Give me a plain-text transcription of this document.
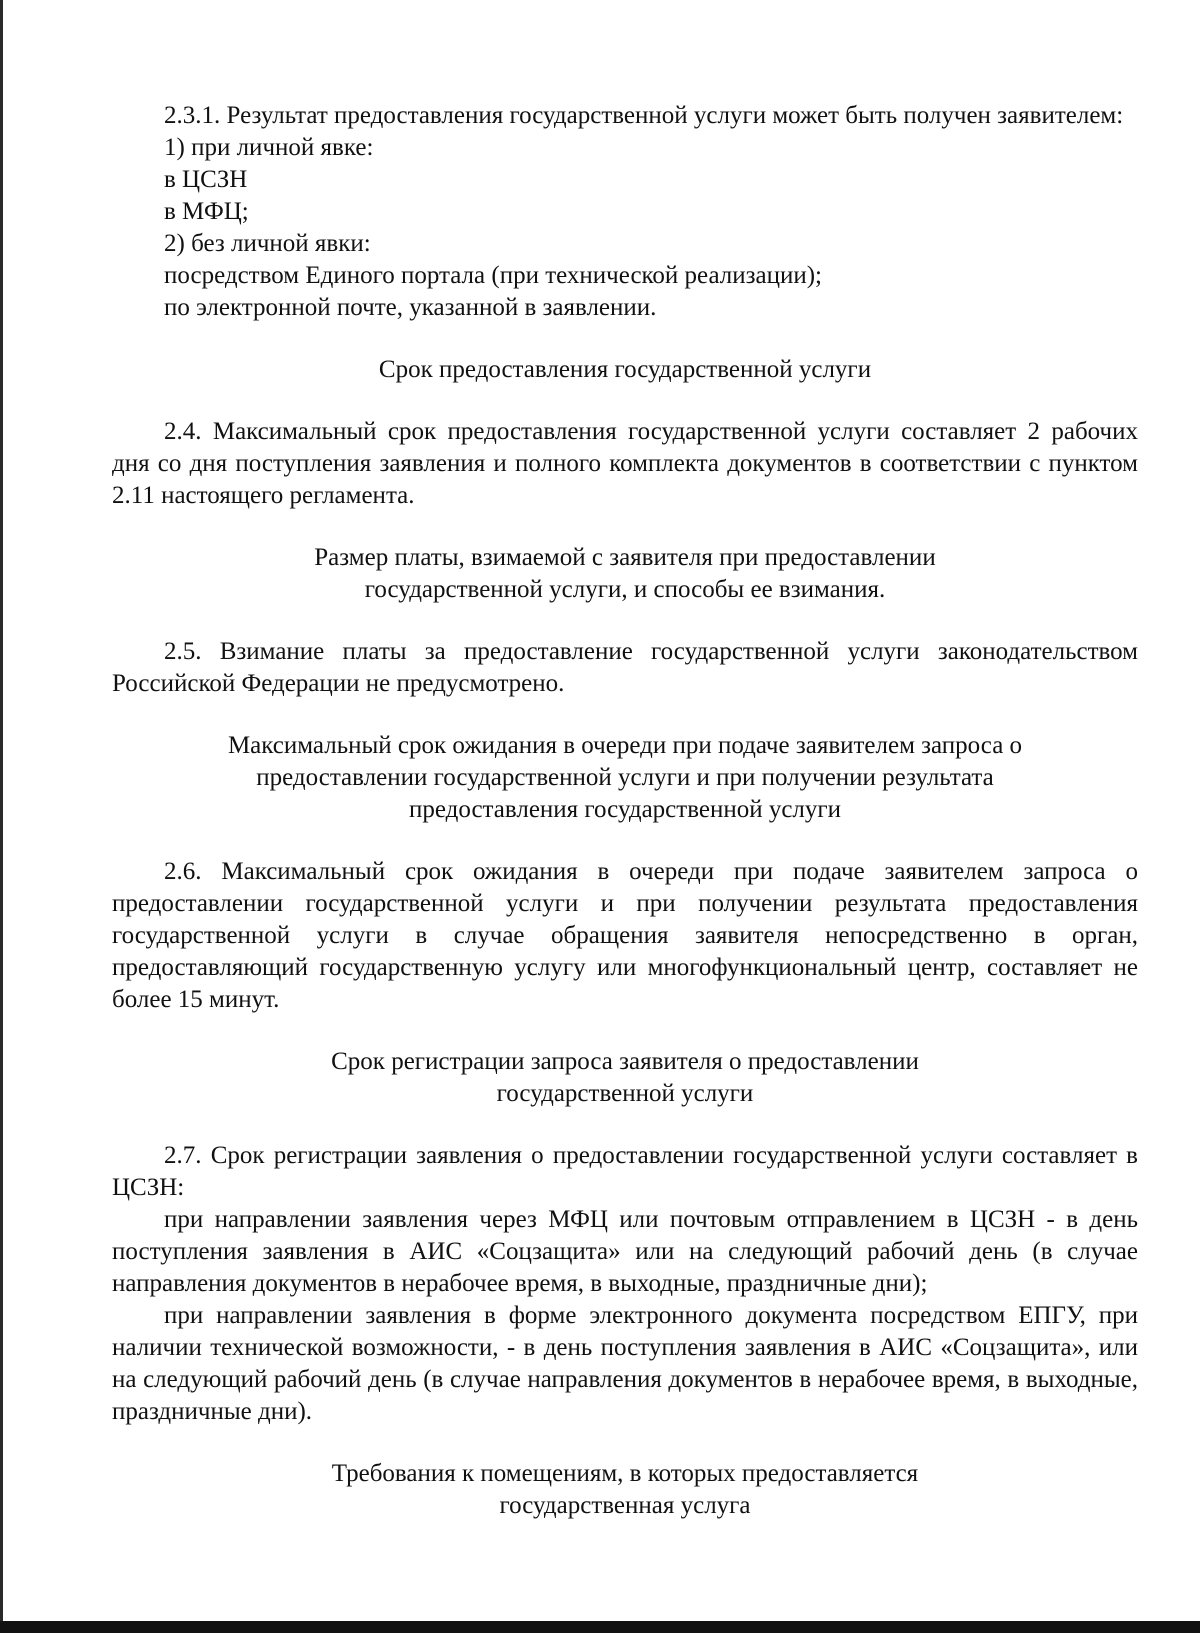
2.3.1. Результат предоставления государственной услуги может быть получен заявителем:

1) при личной явке:

в ЦСЗН

в МФЦ;

2) без личной явки:

посредством Единого портала (при технической реализации);

по электронной почте, указанной в заявлении.

Срок предоставления государственной услуги

2.4. Максимальный срок предоставления государственной услуги составляет 2 рабочих дня со дня поступления заявления и полного комплекта документов в соответствии с пунктом 2.11 настоящего регламента.

Размер платы, взимаемой с заявителя при предоставлении

государственной услуги, и способы ее взимания.

2.5. Взимание платы за предоставление государственной услуги законодательством Российской Федерации не предусмотрено.

Максимальный срок ожидания в очереди при подаче заявителем запроса о

предоставлении государственной услуги и при получении результата

предоставления государственной услуги

2.6. Максимальный срок ожидания в очереди при подаче заявителем запроса о предоставлении государственной услуги и при получении результата предоставления государственной услуги в случае обращения заявителя непосредственно в орган, предоставляющий государственную услугу или многофункциональный центр, составляет не более 15 минут.

Срок регистрации запроса заявителя о предоставлении

государственной услуги

2.7. Срок регистрации заявления о предоставлении государственной услуги составляет в ЦСЗН:

при направлении заявления через МФЦ или почтовым отправлением в ЦСЗН - в день поступления заявления в АИС «Соцзащита» или на следующий рабочий день (в случае направления документов в нерабочее время, в выходные, праздничные дни);

при направлении заявления в форме электронного документа посредством ЕПГУ, при наличии технической возможности, - в день поступления заявления в АИС «Соцзащита», или на следующий рабочий день (в случае направления документов в нерабочее время, в выходные, праздничные дни).

Требования к помещениям, в которых предоставляется

государственная услуга
